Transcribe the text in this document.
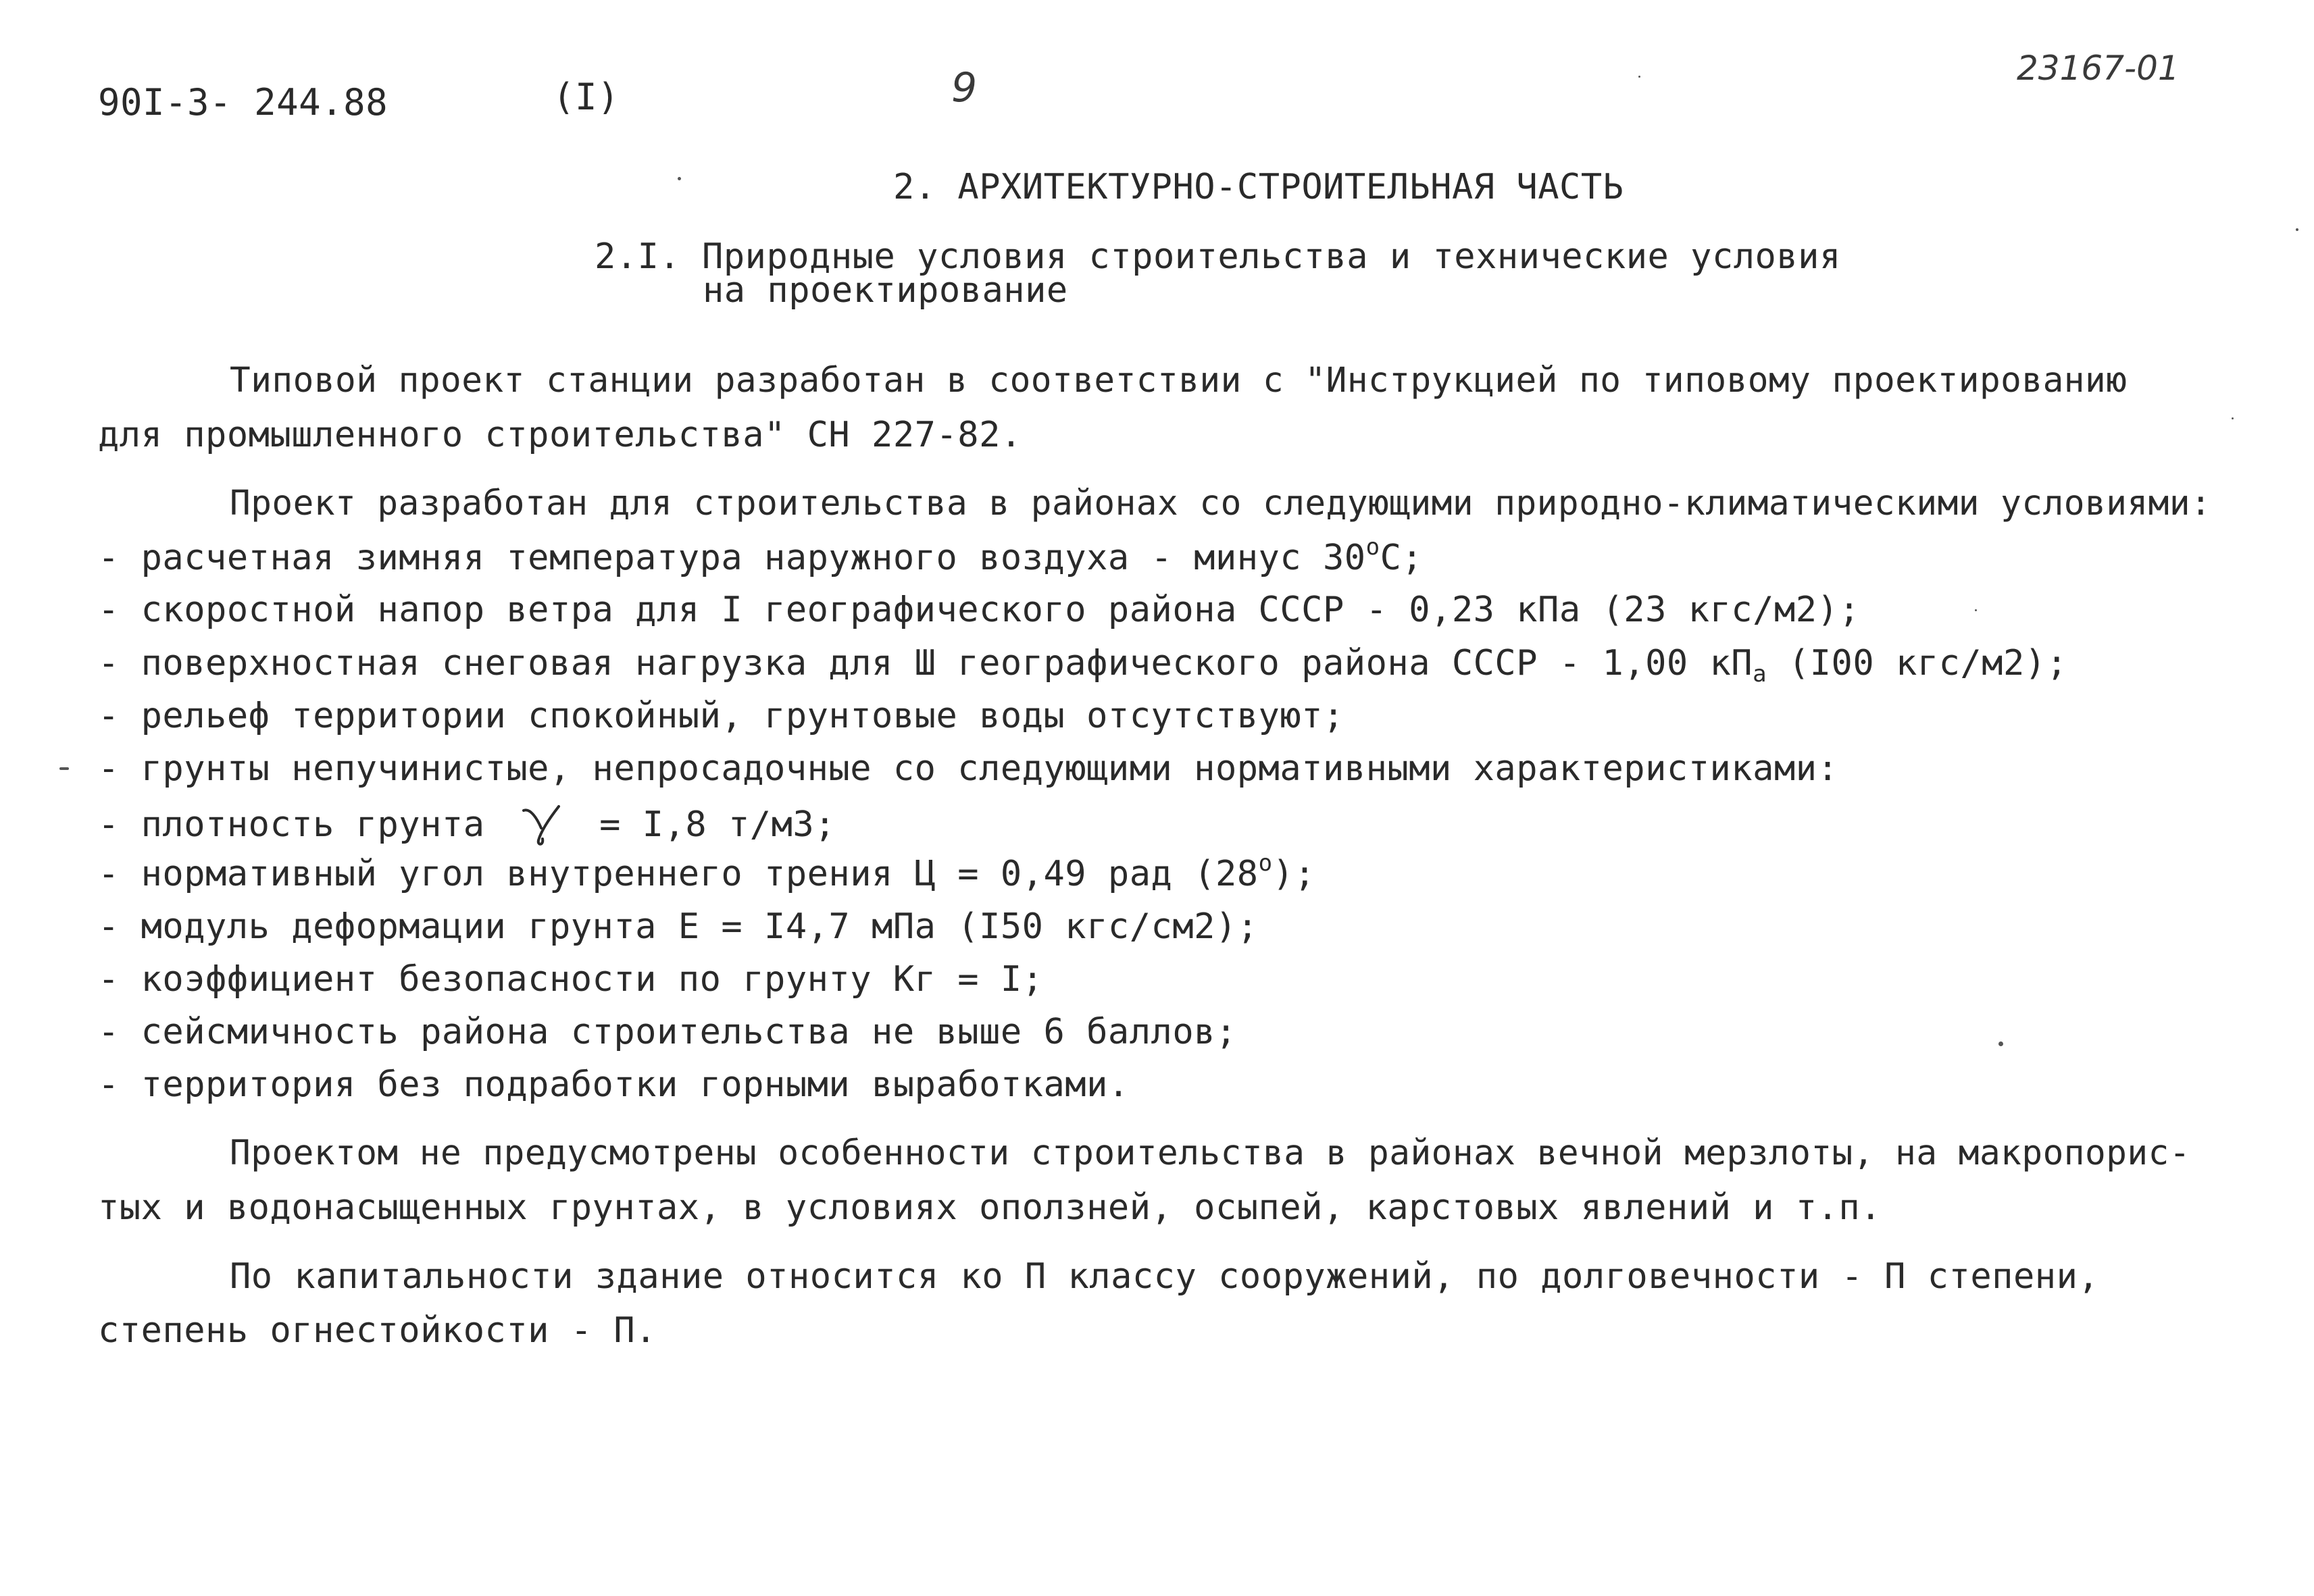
90I-3- 244.88	(I)	9	23167-01
2. АРХИТЕКТУРНО-СТРОИТЕЛЬНАЯ ЧАСТЬ
2.I. Природные условия строительства и технические условия
на проектирование
Типовой проект станции разработан в соответствии с "Инструкцией по типовому проектированию
для промышленного строительства" СН 227-82.
Проект разработан для строительства в районах со следующими природно-климатическими условиями:
- расчетная зимняя температура наружного воздуха - минус $30^оС$;
- скоростной напор ветра для I географического района СССР - 0,23 кПа (23 кгс/м2);
- поверхностная снеговая нагрузка для Ш географического района СССР - 1,00 $кП_а$ (I00 кгс/м2);
- рельеф территории спокойный, грунтовые воды отсутствуют;
- грунты непучинистые, непросадочные со следующими нормативными характеристиками:
- плотность грунта	= I,8 т/м3;
- нормативный угол внутреннего трения Ц = 0,49 рад $(28^о)$;
- модуль деформации грунта Е = I4,7 мПа (I50 кгс/см2);
- коэффициент безопасности по грунту Кг = I;
- сейсмичность района строительства не выше 6 баллов;
- территория без подработки горными выработками.
Проектом не предусмотрены особенности строительства в районах вечной мерзлоты, на макропорис-
тых и водонасыщенных грунтах, в условиях оползней, осыпей, карстовых явлений и т.п.
По капитальности здание относится ко П классу сооружений, по долговечности - П степени,
степень огнестойкости - П.
